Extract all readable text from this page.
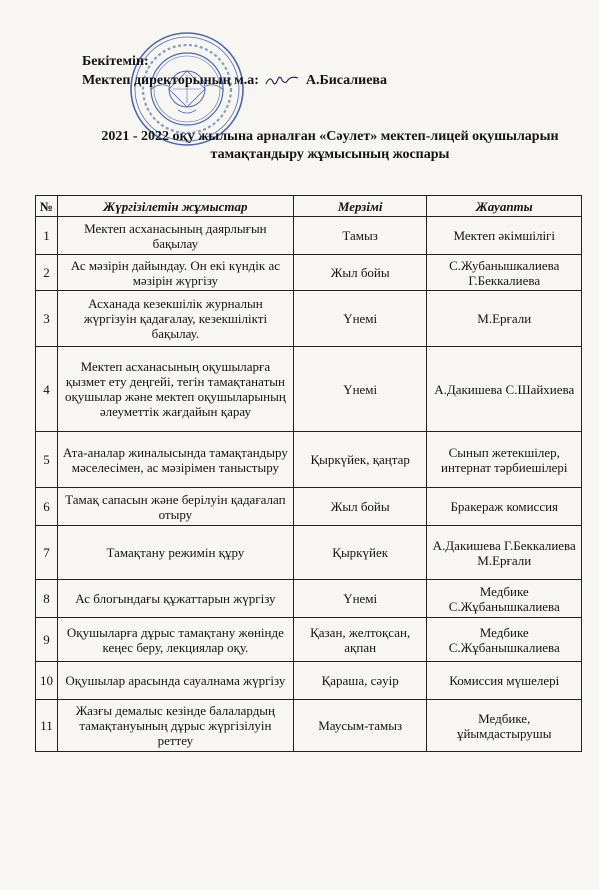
Бекітемін:
Мектеп директорының м.а:	А.Бисалиева
2021 - 2022 оқу жылына арналған «Сәулет» мектеп-лицей оқушыларын
тамақтандыру жұмысының жоспары
№	Жүргізілетін жұмыстар	Мерзімі	Жауапты
1	Мектеп асханасының даярлығын бақылау	Тамыз	Мектеп әкімшілігі
2	Ас мәзірін дайындау. Он екі күндік ас мәзірін жүргізу	Жыл бойы	С.Жубанышкалиева Г.Беккалиева
3	Асханада кезекшілік журналын жүргізуін қадағалау, кезекшілікті бақылау.	Үнемі	М.Ерғали
4	Мектеп асханасының оқушыларға қызмет ету деңгейі, тегін тамақтанатын оқушылар және мектеп оқушыларының әлеуметтік жағдайын қарау	Үнемі	А.Дакишева С.Шайхиева
5	Ата-аналар жиналысында тамақтандыру мәселесімен, ас мәзірімен таныстыру	Қыркүйек, қаңтар	Сынып жетекшілер, интернат тәрбиешілері
6	Тамақ сапасын және берілуін қадағалап отыру	Жыл бойы	Бракераж комиссия
7	Тамақтану режимін құру	Қыркүйек	А.Дакишева Г.Беккалиева М.Ерғали
8	Ас блогындағы құжаттарын жүргізу	Үнемі	Медбике С.Жұбанышкалиева
9	Оқушыларға дұрыс тамақтану жөнінде кеңес беру, лекциялар оқу.	Қазан, желтоқсан, ақпан	Медбике С.Жұбанышкалиева
10	Оқушылар арасында сауалнама жүргізу	Қараша, сәуір	Комиссия мүшелері
11	Жазғы демалыс кезінде балалардың тамақтануының дұрыс жүргізілуін реттеу	Маусым-тамыз	Медбике, ұйымдастырушы
